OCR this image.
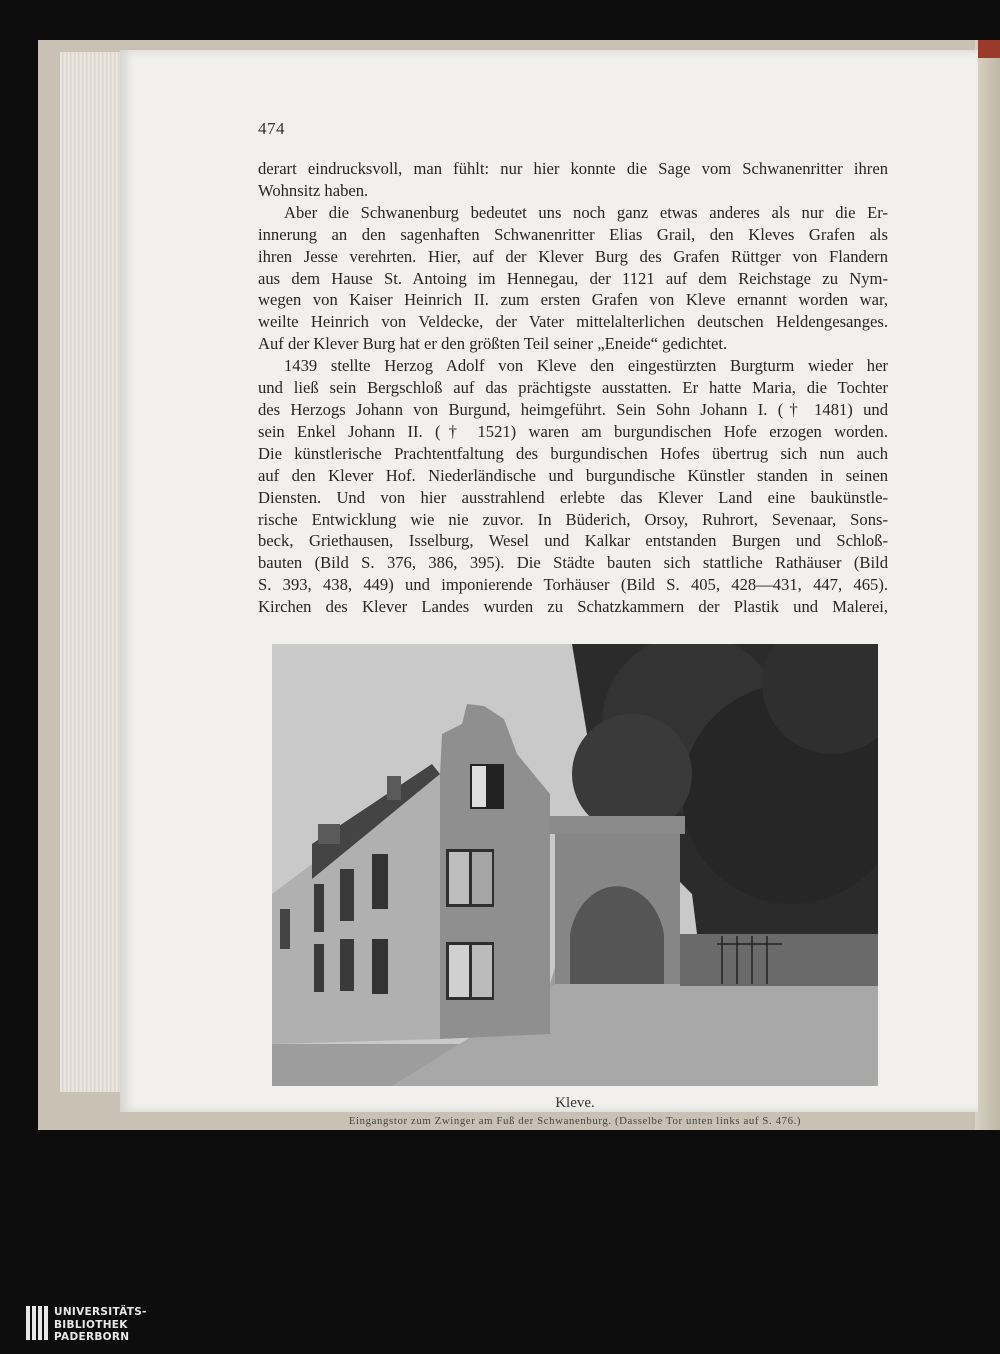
474
derart eindrucksvoll, man fühlt: nur hier konnte die Sage vom Schwanenritter ihren
Wohnsitz haben.
Aber die Schwanenburg bedeutet uns noch ganz etwas anderes als nur die Er-
innerung an den sagenhaften Schwanenritter Elias Grail, den Kleves Grafen als
ihren Jesse verehrten. Hier, auf der Klever Burg des Grafen Rüttger von Flandern
aus dem Hause St. Antoing im Hennegau, der 1121 auf dem Reichstage zu Nym-
wegen von Kaiser Heinrich II. zum ersten Grafen von Kleve ernannt worden war,
weilte Heinrich von Veldecke, der Vater mittelalterlichen deutschen Heldengesanges.
Auf der Klever Burg hat er den größten Teil seiner „Eneide“ gedichtet.
1439 stellte Herzog Adolf von Kleve den eingestürzten Burgturm wieder her
und ließ sein Bergschloß auf das prächtigste ausstatten. Er hatte Maria, die Tochter
des Herzogs Johann von Burgund, heimgeführt. Sein Sohn Johann I. († 1481) und
sein Enkel Johann II. († 1521) waren am burgundischen Hofe erzogen worden.
Die künstlerische Prachtentfaltung des burgundischen Hofes übertrug sich nun auch
auf den Klever Hof. Niederländische und burgundische Künstler standen in seinen
Diensten. Und von hier ausstrahlend erlebte das Klever Land eine baukünstle-
rische Entwicklung wie nie zuvor. In Büderich, Orsoy, Ruhrort, Sevenaar, Sons-
beck, Griethausen, Isselburg, Wesel und Kalkar entstanden Burgen und Schloß-
bauten (Bild S. 376, 386, 395). Die Städte bauten sich stattliche Rathäuser (Bild
S. 393, 438, 449) und imponierende Torhäuser (Bild S. 405, 428—431, 447, 465).
Kirchen des Klever Landes wurden zu Schatzkammern der Plastik und Malerei,
Kleve.
Eingangstor zum Zwinger am Fuß der Schwanenburg. (Dasselbe Tor unten links auf S. 476.)
UNIVERSITÄTS-
BIBLIOTHEK
PADERBORN
